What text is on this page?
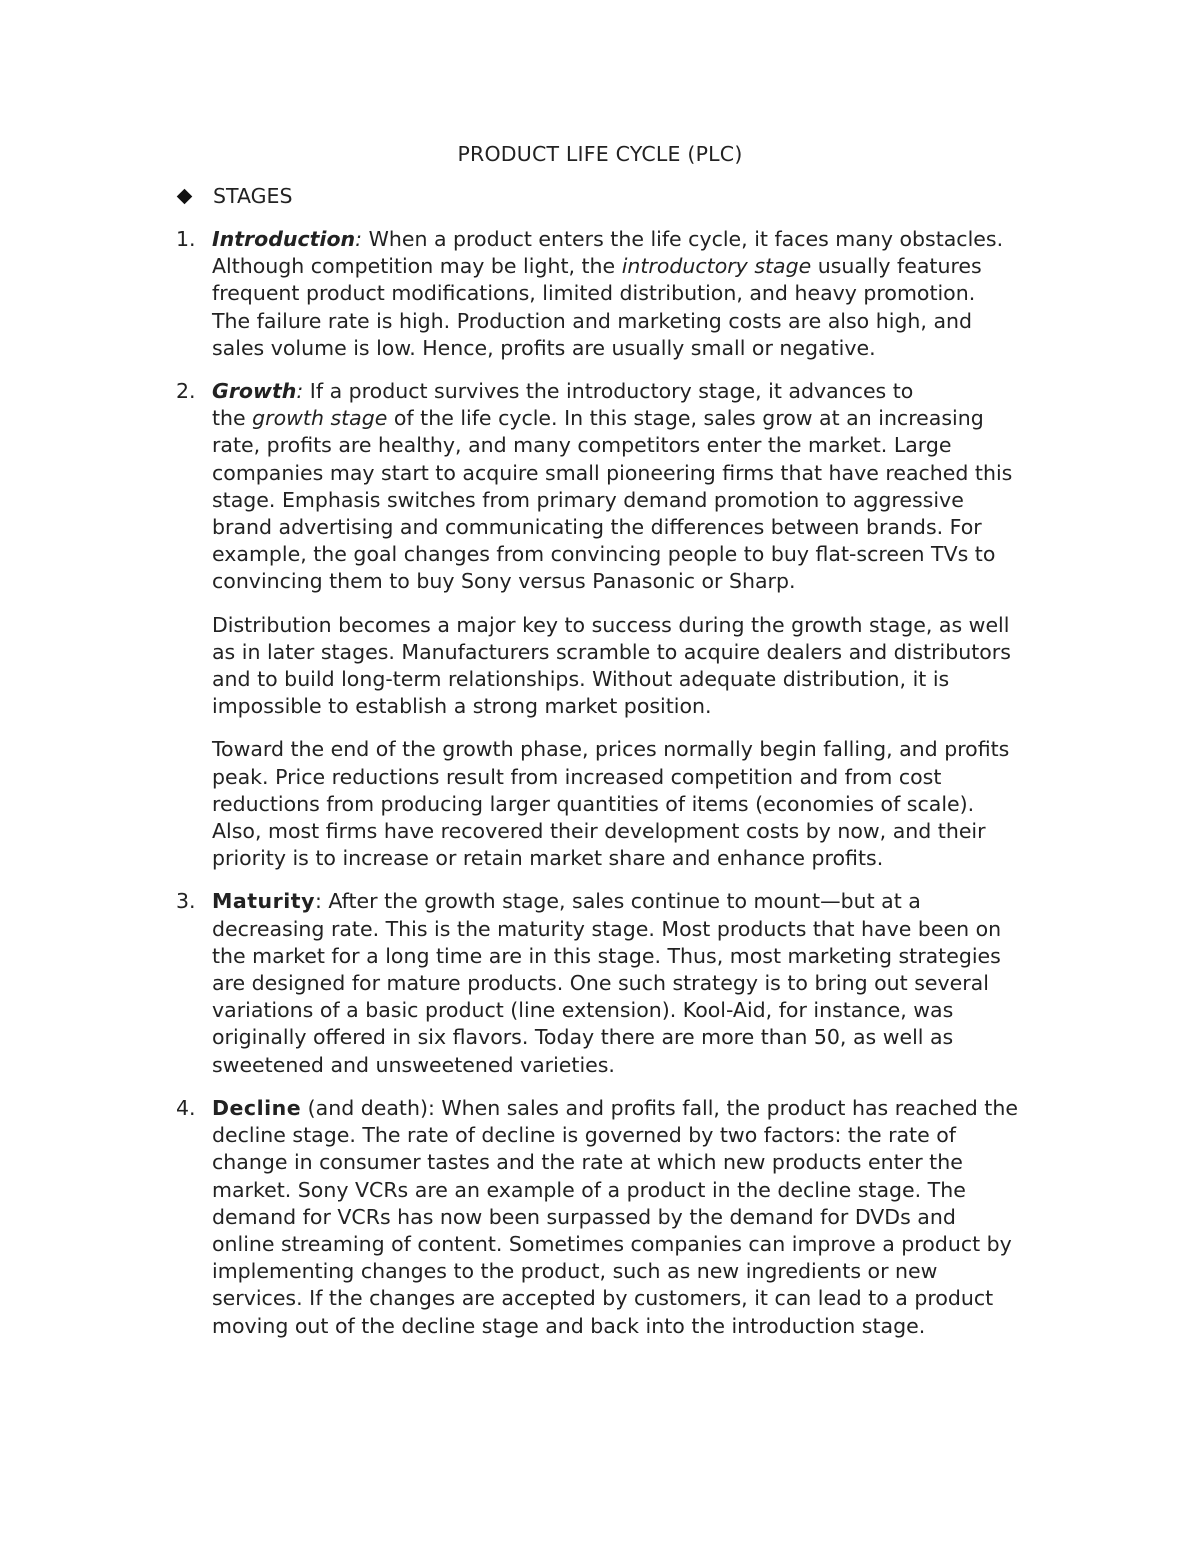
PRODUCT LIFE CYCLE (PLC)
STAGES
1. Introduction: When a product enters the life cycle, it faces many obstacles.
Although competition may be light, the introductory stage usually features
frequent product modifications, limited distribution, and heavy promotion.
The failure rate is high. Production and marketing costs are also high, and
sales volume is low. Hence, profits are usually small or negative.

2. Growth: If a product survives the introductory stage, it advances to
the growth stage of the life cycle. In this stage, sales grow at an increasing
rate, profits are healthy, and many competitors enter the market. Large
companies may start to acquire small pioneering firms that have reached this
stage. Emphasis switches from primary demand promotion to aggressive
brand advertising and communicating the differences between brands. For
example, the goal changes from convincing people to buy flat-screen TVs to
convincing them to buy Sony versus Panasonic or Sharp.

Distribution becomes a major key to success during the growth stage, as well
as in later stages. Manufacturers scramble to acquire dealers and distributors
and to build long-term relationships. Without adequate distribution, it is
impossible to establish a strong market position.

Toward the end of the growth phase, prices normally begin falling, and profits
peak. Price reductions result from increased competition and from cost
reductions from producing larger quantities of items (economies of scale).
Also, most firms have recovered their development costs by now, and their
priority is to increase or retain market share and enhance profits.

3. Maturity: After the growth stage, sales continue to mount—but at a
decreasing rate. This is the maturity stage. Most products that have been on
the market for a long time are in this stage. Thus, most marketing strategies
are designed for mature products. One such strategy is to bring out several
variations of a basic product (line extension). Kool-Aid, for instance, was
originally offered in six flavors. Today there are more than 50, as well as
sweetened and unsweetened varieties.

4. Decline (and death): When sales and profits fall, the product has reached the
decline stage. The rate of decline is governed by two factors: the rate of
change in consumer tastes and the rate at which new products enter the
market. Sony VCRs are an example of a product in the decline stage. The
demand for VCRs has now been surpassed by the demand for DVDs and
online streaming of content. Sometimes companies can improve a product by
implementing changes to the product, such as new ingredients or new
services. If the changes are accepted by customers, it can lead to a product
moving out of the decline stage and back into the introduction stage.
